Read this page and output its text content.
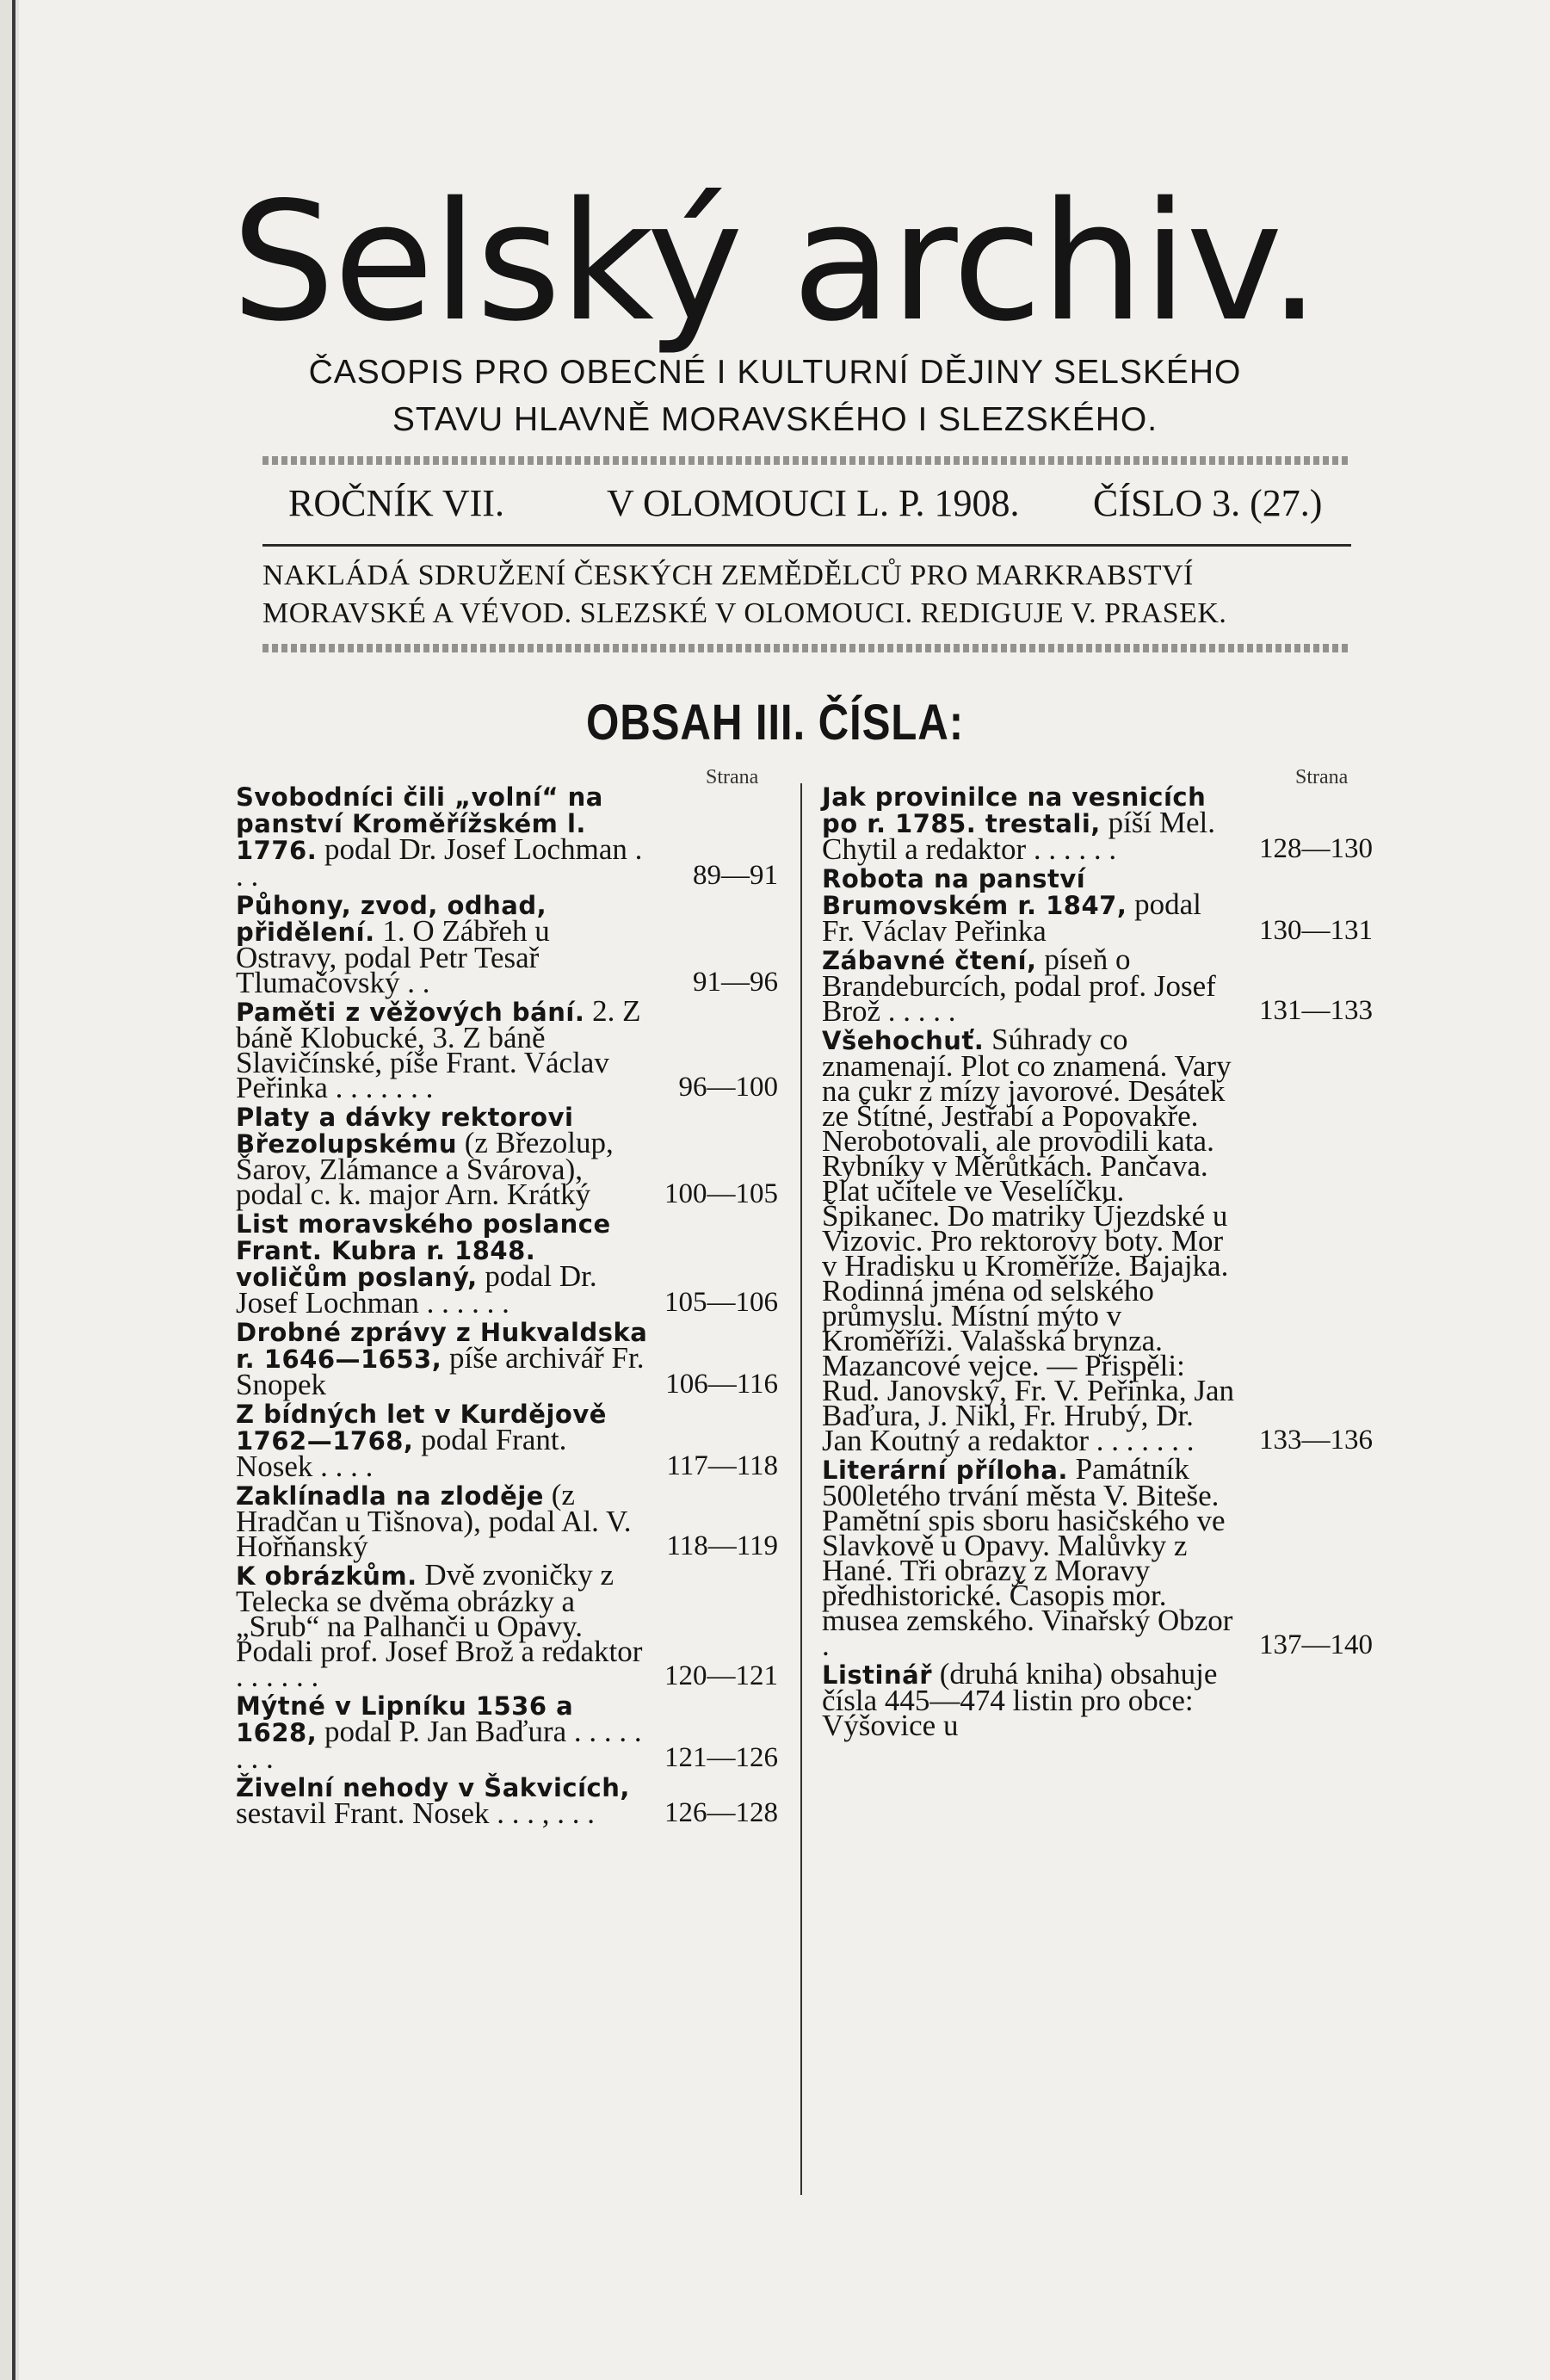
Selský archiv.
ČASOPIS PRO OBECNÉ I KULTURNÍ DĚJINY SELSKÉHO
STAVU HLAVNĚ MORAVSKÉHO I SLEZSKÉHO.
ROČNÍK VII.	V OLOMOUCI L. P. 1908. ČÍSLO 3. (27.)
NAKLÁDÁ SDRUŽENÍ ČESKÝCH ZEMĚDĚLCŮ PRO MARKRABSTVÍ
MORAVSKÉ A VÉVOD. SLEZSKÉ V OLOMOUCI. REDIGUJE V. PRASEK.
OBSAH III. ČÍSLA:
Strana	Strana
Svobodníci čili „volní“ na panství Kroměřížském l. 1776. podal Dr. Josef Lochman . . .	89—91
Půhony, zvod, odhad, přidělení. 1. O Zábřeh u Ostravy, podal Petr Tesař Tlumačovský . .	91—96
Paměti z věžových bání. 2. Z báně Klobucké, 3. Z báně Slavičínské, píše Frant. Václav Peřinka . . . . . . .	96—100
Platy a dávky rektorovi Březolupskému (z Březolup, Šarov, Zlámance a Svárova), podal c. k. major Arn. Krátký	100—105
List moravského poslance Frant. Kubra r. 1848. voličům poslaný, podal Dr. Josef Lochman . . . . . .	105—106
Drobné zprávy z Hukvaldska r. 1646—1653, píše archivář Fr. Snopek	106—116
Z bídných let v Kurdějově 1762—1768, podal Frant. Nosek . . . .	117—118
Zaklínadla na zloděje (z Hradčan u Tišnova), podal Al. V. Hořňanský	118—119
K obrázkům. Dvě zvoničky z Telecka se dvěma obrázky a „Srub“ na Palhanči u Opavy. Podali prof. Josef Brož a redaktor . . . . . .	120—121
Mýtné v Lipníku 1536 a 1628, podal P. Jan Baďura . . . . . . . .	121—126
Živelní nehody v Šakvicích, sestavil Frant. Nosek . . . , . . .	126—128
Jak provinilce na vesnicích po r. 1785. trestali, píší Mel. Chytil a redaktor . . . . . .	128—130
Robota na panství Brumovském r. 1847, podal Fr. Václav Peřinka	130—131
Zábavné čtení, píseň o Brandeburcích, podal prof. Josef Brož . . . . .	131—133
Všehochuť. Súhrady co znamenají. Plot co znamená. Vary na cukr z mízy javorové. Desátek ze Štítné, Jestřabí a Popovakře. Nerobotovali, ale provodili kata. Rybníky v Měrůtkách. Pančava. Plat učitele ve Veselíčku. Špikanec. Do matriky Újezdské u Vizovic. Pro rektorovy boty. Mor v Hradisku u Kroměříže. Bajajka. Rodinná jména od selského průmyslu. Místní mýto v Kroměříži. Valašská brynza. Mazancové vejce. — Přispěli: Rud. Janovský, Fr. V. Peřinka, Jan Baďura, J. Nikl, Fr. Hrubý, Dr. Jan Koutný a redaktor . . . . . . .	133—136
Literární příloha. Památník 500letého trvání města V. Bitešе. Pamětní spis sboru hasičského ve Slavkově u Opavy. Malůvky z Hané. Tři obrazy z Moravy předhistorické. Časopis mor. musea zemského. Vinařský Obzor .	137—140
Listinář (druhá kniha) obsahuje čísla 445—474 listin pro obce: Výšovice u
